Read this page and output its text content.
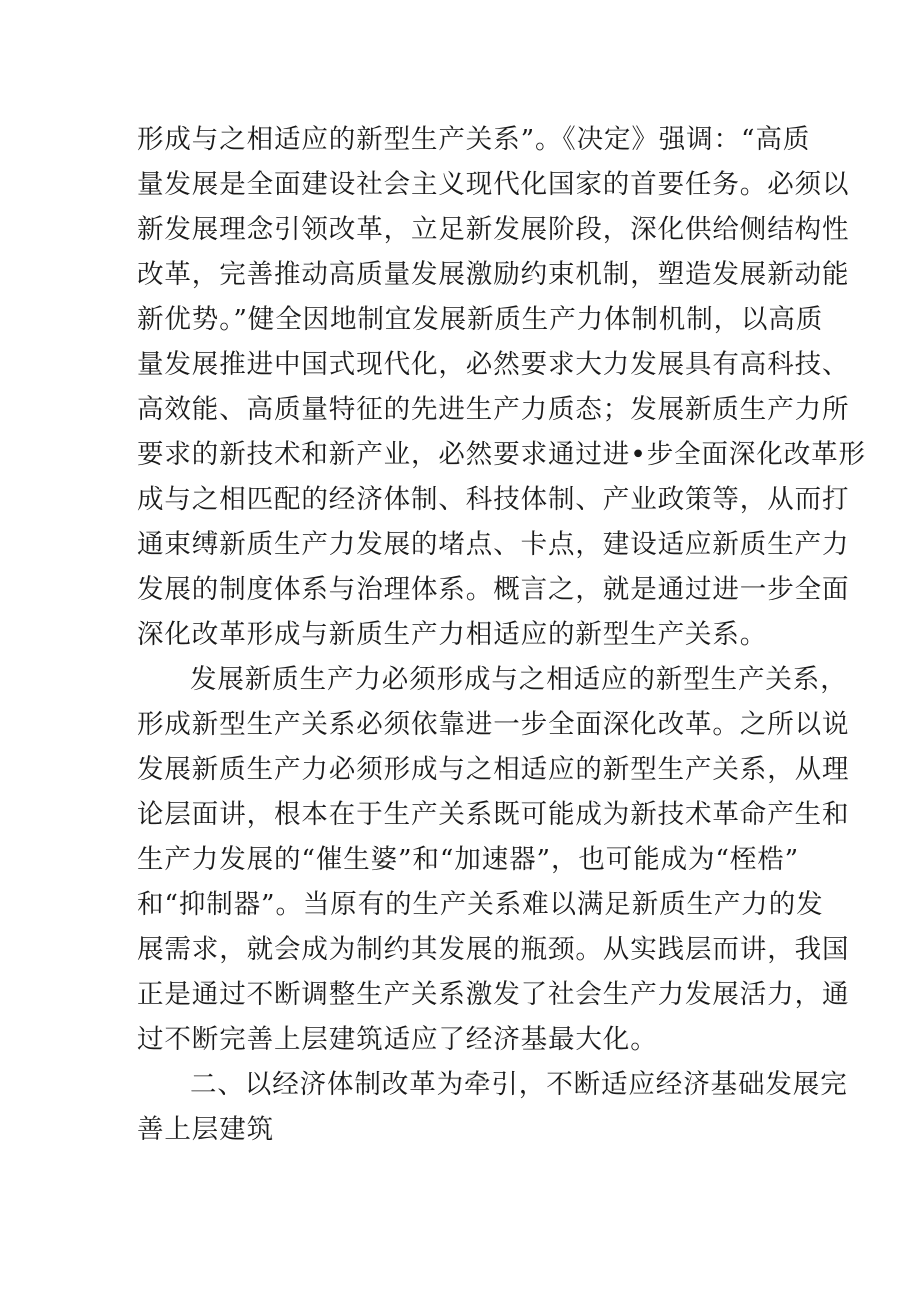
形成与之相适应的新型生产关系”。《决定》强调：“高质
量发展是全面建设社会主义现代化国家的首要任务。必须以
新发展理念引领改革，立足新发展阶段，深化供给侧结构性
改革，完善推动高质量发展激励约束机制，塑造发展新动能
新优势。”健全因地制宜发展新质生产力体制机制，以高质
量发展推进中国式现代化，必然要求大力发展具有高科技、
高效能、高质量特征的先进生产力质态；发展新质生产力所
要求的新技术和新产业，必然要求通过进•步全面深化改革形
成与之相匹配的经济体制、科技体制、产业政策等，从而打
通束缚新质生产力发展的堵点、卡点，建设适应新质生产力
发展的制度体系与治理体系。概言之，就是通过进一步全面
深化改革形成与新质生产力相适应的新型生产关系。
发展新质生产力必须形成与之相适应的新型生产关系，
形成新型生产关系必须依靠进一步全面深化改革。之所以说
发展新质生产力必须形成与之相适应的新型生产关系，从理
论层面讲，根本在于生产关系既可能成为新技术革命产生和
生产力发展的“催生婆”和“加速器”，也可能成为“桎梏”
和“抑制器”。当原有的生产关系难以满足新质生产力的发
展需求，就会成为制约其发展的瓶颈。从实践层而讲，我国
正是通过不断调整生产关系激发了社会生产力发展活力，通
过不断完善上层建筑适应了经济基最大化。
二、以经济体制改革为牵引，不断适应经济基础发展完
善上层建筑
